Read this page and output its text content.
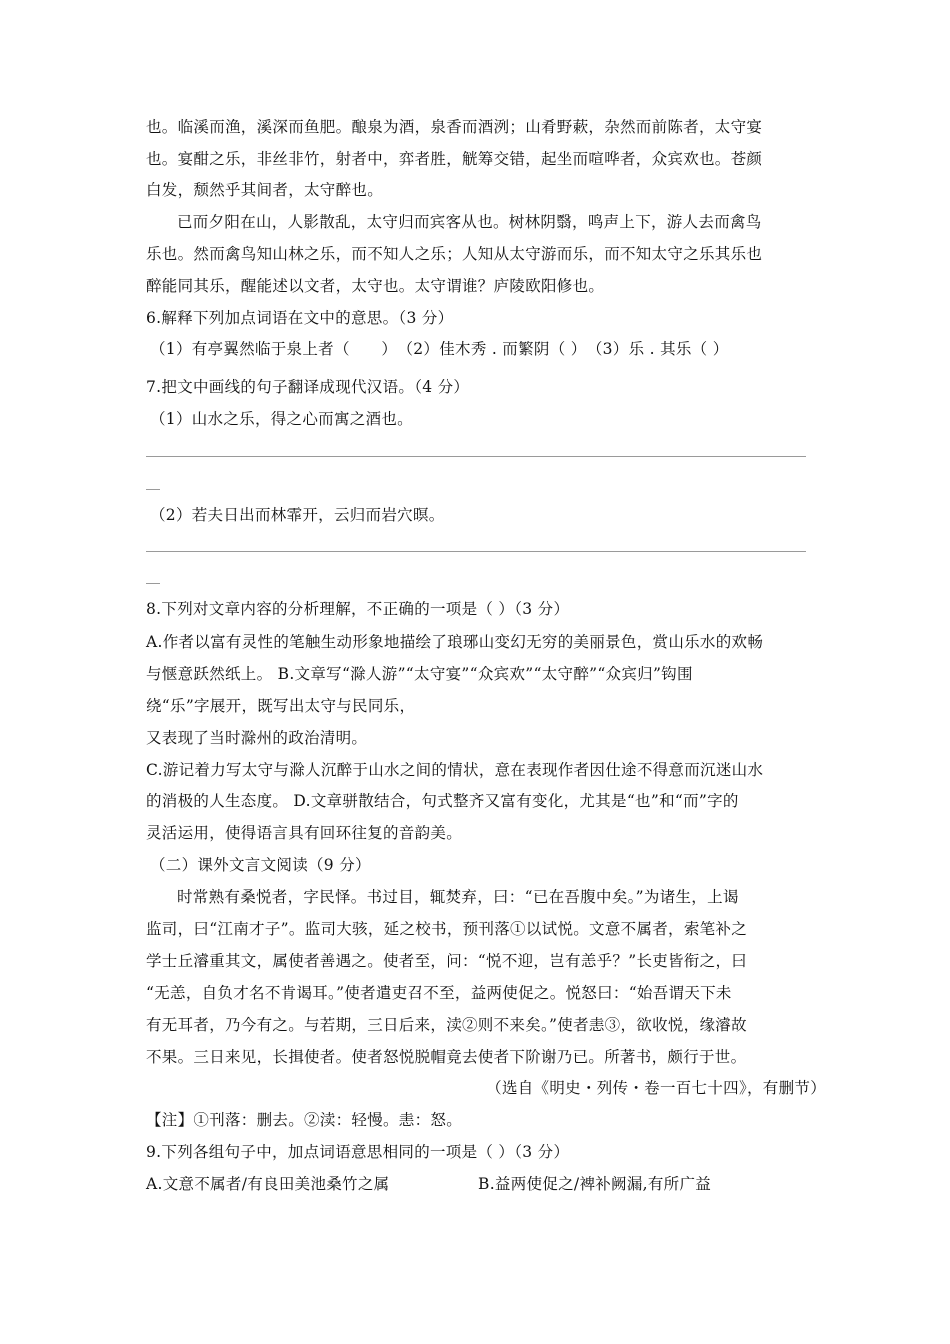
也。临溪而渔，溪深而鱼肥。酿泉为酒，泉香而酒洌；山肴野蔌，杂然而前陈者，太守宴
也。宴酣之乐，非丝非竹，射者中，弈者胜，觥筹交错，起坐而喧哗者，众宾欢也。苍颜
白发，颓然乎其间者，太守醉也。
已而夕阳在山，人影散乱，太守归而宾客从也。树林阴翳，鸣声上下，游人去而禽鸟
乐也。然而禽鸟知山林之乐，而不知人之乐；人知从太守游而乐，而不知太守之乐其乐也
醉能同其乐，醒能述以文者，太守也。太守谓谁？庐陵欧阳修也。
6.解释下列加点词语在文中的意思。（3 分）
（1）有亭翼然临于泉上者（　　）　（2）佳木秀 . 而繁阴（ ）　（3）乐 . 其乐（ ）
7.把文中画线的句子翻译成现代汉语。（4 分）
（1）山水之乐，得之心而寓之酒也。
（2）若夫日出而林霏开，云归而岩穴暝。
8.下列对文章内容的分析理解，不正确的一项是（ ）（3 分）
A.作者以富有灵性的笔触生动形象地描绘了琅琊山变幻无穷的美丽景色，赏山乐水的欢畅
与惬意跃然纸上。 B.文章写“滁人游”“太守宴”“众宾欢”“太守醉”“众宾归”钩围
绕“乐”字展开，既写出太守与民同乐，
又表现了当时滁州的政治清明。
C.游记着力写太守与滁人沉醉于山水之间的情状，意在表现作者因仕途不得意而沉迷山水
的消极的人生态度。 D.文章骈散结合，句式整齐又富有变化，尤其是“也”和“而”字的
灵活运用，使得语言具有回环往复的音韵美。
（二）课外文言文阅读（9 分）
时常熟有桑悦者，字民怿。书过目，辄焚弃，曰：“已在吾腹中矣。”为诸生，上谒
监司，曰“江南才子”。监司大骇，延之校书，预刊落①以试悦。文意不属者，索笔补之
学士丘濬重其文，属使者善遇之。使者至，问：“悦不迎，岂有恙乎？”长吏皆衔之，曰
“无恙，自负才名不肯谒耳。”使者遣吏召不至，益两使促之。悦怒曰：“始吾谓天下未
有无耳者，乃今有之。与若期，三日后来，渎②则不来矣。”使者恚③，欲收悦，缘濬故
不果。三日来见，长揖使者。使者怒悦脱帽竟去使者下阶谢乃已。所著书，颇行于世。
（选自《明史・列传・卷一百七十四》，有删节）
【注】①刊落：删去。②渎：轻慢。恚：怒。
9.下列各组句子中，加点词语意思相同的一项是（ ）（3 分）
A.文意不属者/有良田美池桑竹之属	B.益两使促之/裨补阙漏,有所广益
